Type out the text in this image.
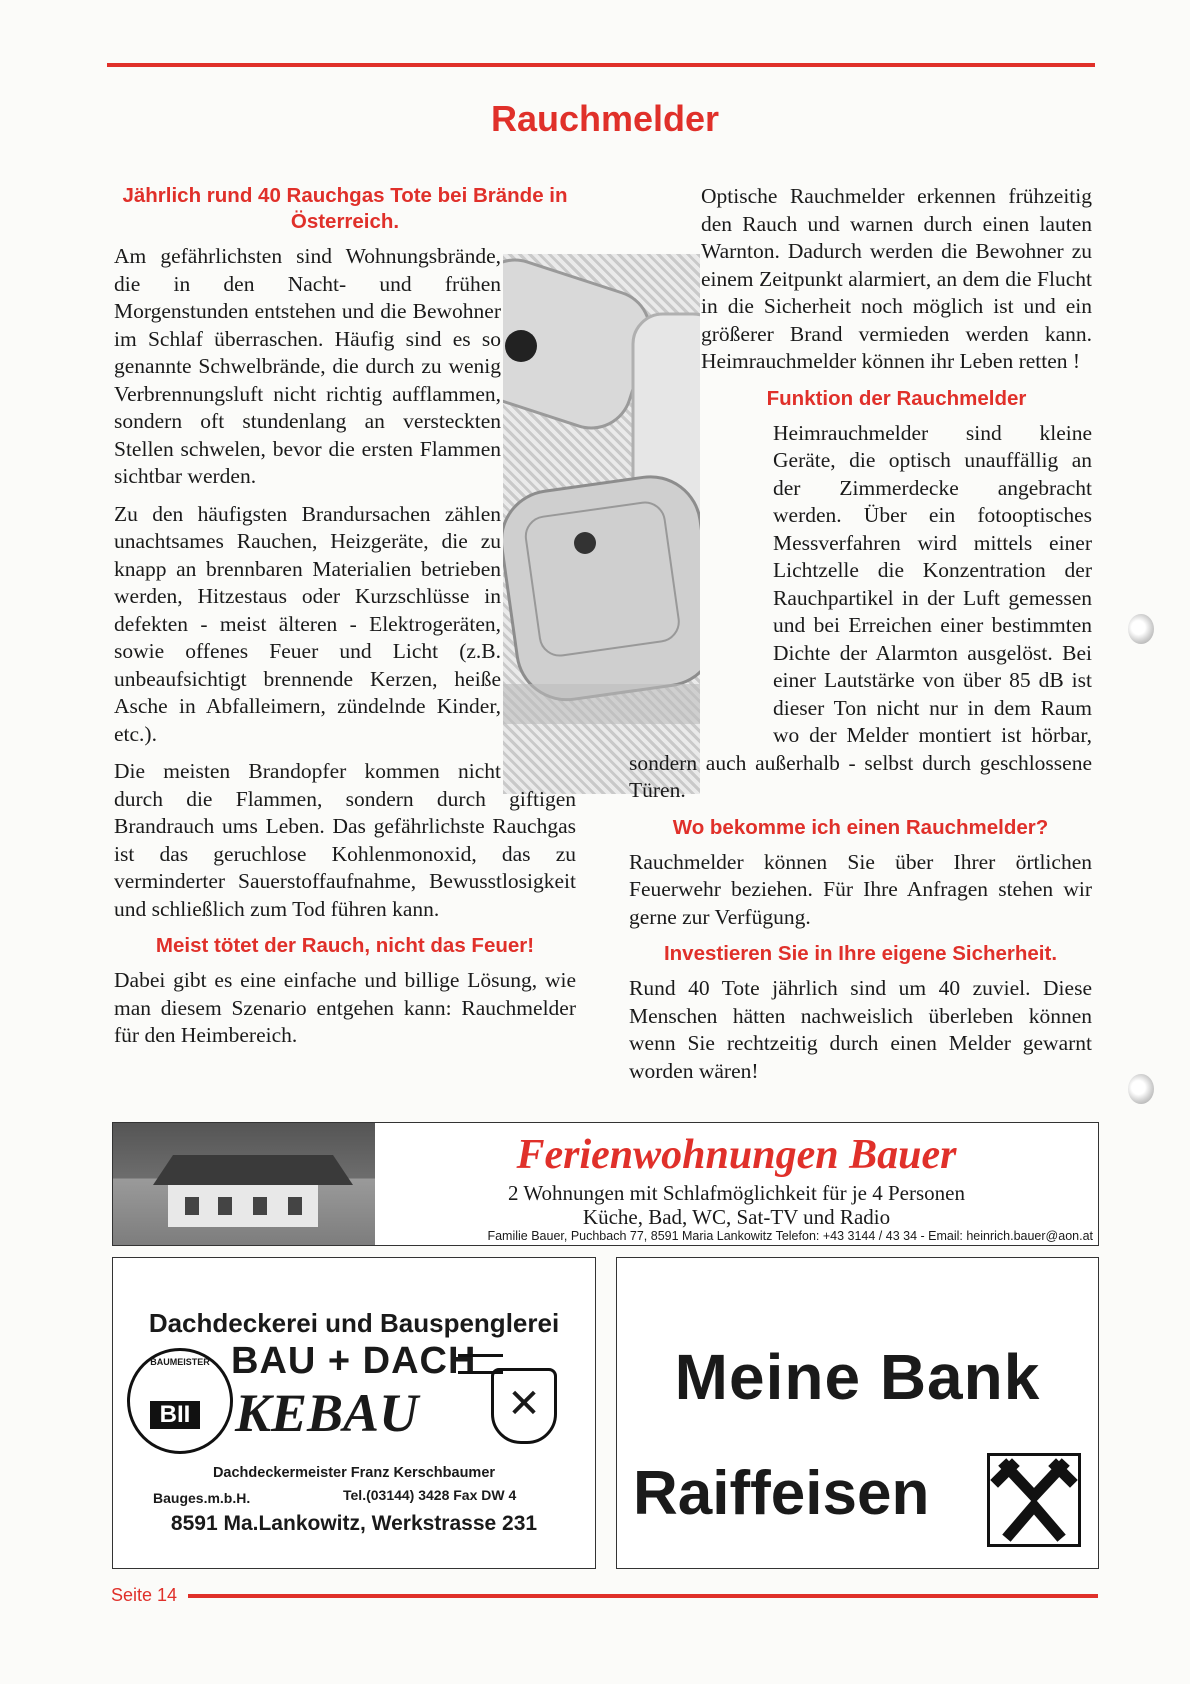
Rauchmelder
Jährlich rund 40 Rauchgas Tote bei Brände in Österreich.

Am gefährlichsten sind Wohnungsbrände, die in den Nacht- und frühen Morgenstunden entstehen und die Bewohner im Schlaf überraschen. Häufig sind es so genannte Schwelbrände, die durch zu wenig Verbrennungsluft nicht richtig aufflammen, sondern oft stundenlang an versteckten Stellen schwelen, bevor die ersten Flammen sichtbar werden.

Zu den häufigsten Brandursachen zählen unachtsames Rauchen, Heizgeräte, die zu knapp an brennbaren Materialien betrieben werden, Hitzestaus oder Kurzschlüsse in defekten - meist älteren - Elektrogeräten, sowie offenes Feuer und Licht (z.B. unbeaufsichtigt brennende Kerzen, heiße Asche in Abfalleimern, zündelnde Kinder, etc.).

Die meisten Brandopfer kommen nicht durch die Flammen, sondern durch giftigen Brandrauch ums Leben. Das gefährlichste Rauchgas ist das geruchlose Kohlenmonoxid, das zu verminderter Sauerstoffaufnahme, Bewusstlosigkeit und schließlich zum Tod führen kann.

Meist tötet der Rauch, nicht das Feuer!

Dabei gibt es eine einfache und billige Lösung, wie man diesem Szenario entgehen kann: Rauchmelder für den Heimbereich.

Optische Rauchmelder erkennen frühzeitig den Rauch und warnen durch einen lauten Warnton. Dadurch werden die Bewohner zu einem Zeitpunkt alarmiert, an dem die Flucht in die Sicherheit noch möglich ist und ein größerer Brand vermieden werden kann. Heimrauchmelder können ihr Leben retten !

Funktion der Rauchmelder

Heimrauchmelder sind kleine Geräte, die optisch unauffällig an der Zimmerdecke angebracht werden. Über ein fotooptisches Messverfahren wird mittels einer Lichtzelle die Konzentration der Rauchpartikel in der Luft gemessen und bei Erreichen einer bestimmten Dichte der Alarmton ausgelöst. Bei einer Lautstärke von über 85 dB ist dieser Ton nicht nur in dem Raum wo der Melder montiert ist hörbar, sondern auch außerhalb - selbst durch geschlossene Türen.

Wo bekomme ich einen Rauchmelder?

Rauchmelder können Sie über Ihrer örtlichen Feuerwehr beziehen. Für Ihre Anfragen stehen wir gerne zur Verfügung.

Investieren Sie in Ihre eigene Sicherheit.

Rund 40 Tote jährlich sind um 40 zuviel. Diese Menschen hätten nachweislich überleben können wenn Sie rechtzeitig durch einen Melder gewarnt worden wären!

Ferienwohnungen Bauer
2 Wohnungen mit Schlafmöglichkeit für je 4 Personen
Küche, Bad, WC, Sat-TV und Radio
Familie Bauer, Puchbach 77, 8591 Maria Lankowitz Telefon: +43 3144 / 43 34 - Email: heinrich.bauer@aon.at
Dachdeckerei und Bauspenglerei
BAU + DACH
BAUMEISTER
BII KEBAU	✕
Dachdeckermeister Franz Kerschbaumer
Bauges.m.b.H.	Tel.(03144) 3428 Fax DW 4
8591 Ma.Lankowitz, Werkstrasse 231
Meine Bank
Raiffeisen
Seite 14
